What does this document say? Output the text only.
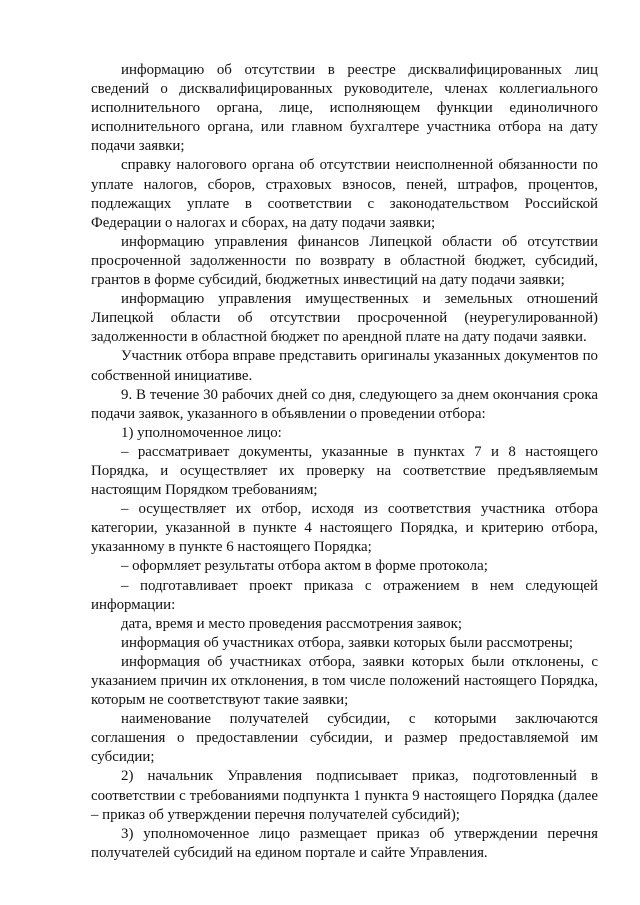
информацию об отсутствии в реестре дисквалифицированных лиц сведений о дисквалифицированных руководителе, членах коллегиального исполнительного органа, лице, исполняющем функции единоличного исполнительного органа, или главном бухгалтере участника отбора на дату подачи заявки;

справку налогового органа об отсутствии неисполненной обязанности по уплате налогов, сборов, страховых взносов, пеней, штрафов, процентов, подлежащих уплате в соответствии с законодательством Российской Федерации о налогах и сборах, на дату подачи заявки;

информацию управления финансов Липецкой области об отсутствии просроченной задолженности по возврату в областной бюджет, субсидий, грантов в форме субсидий, бюджетных инвестиций на дату подачи заявки;

информацию управления имущественных и земельных отношений Липецкой области об отсутствии просроченной (неурегулированной) задолженности в областной бюджет по арендной плате на дату подачи заявки.

Участник отбора вправе представить оригиналы указанных документов по собственной инициативе.

9. В течение 30 рабочих дней со дня, следующего за днем окончания срока подачи заявок, указанного в объявлении о проведении отбора:

1) уполномоченное лицо:

– рассматривает документы, указанные в пунктах 7 и 8 настоящего Порядка, и осуществляет их проверку на соответствие предъявляемым настоящим Порядком требованиям;

– осуществляет их отбор, исходя из соответствия участника отбора категории, указанной в пункте 4 настоящего Порядка, и критерию отбора, указанному в пункте 6 настоящего Порядка;

– оформляет результаты отбора актом в форме протокола;

– подготавливает проект приказа с отражением в нем следующей информации:

дата, время и место проведения рассмотрения заявок;

информация об участниках отбора, заявки которых были рассмотрены;

информация об участниках отбора, заявки которых были отклонены, с указанием причин их отклонения, в том числе положений настоящего Порядка, которым не соответствуют такие заявки;

наименование получателей субсидии, с которыми заключаются соглашения о предоставлении субсидии, и размер предоставляемой им субсидии;

2) начальник Управления подписывает приказ, подготовленный в соответствии с требованиями подпункта 1 пункта 9 настоящего Порядка (далее – приказ об утверждении перечня получателей субсидий);

3) уполномоченное лицо размещает приказ об утверждении перечня получателей субсидий на едином портале и сайте Управления.
